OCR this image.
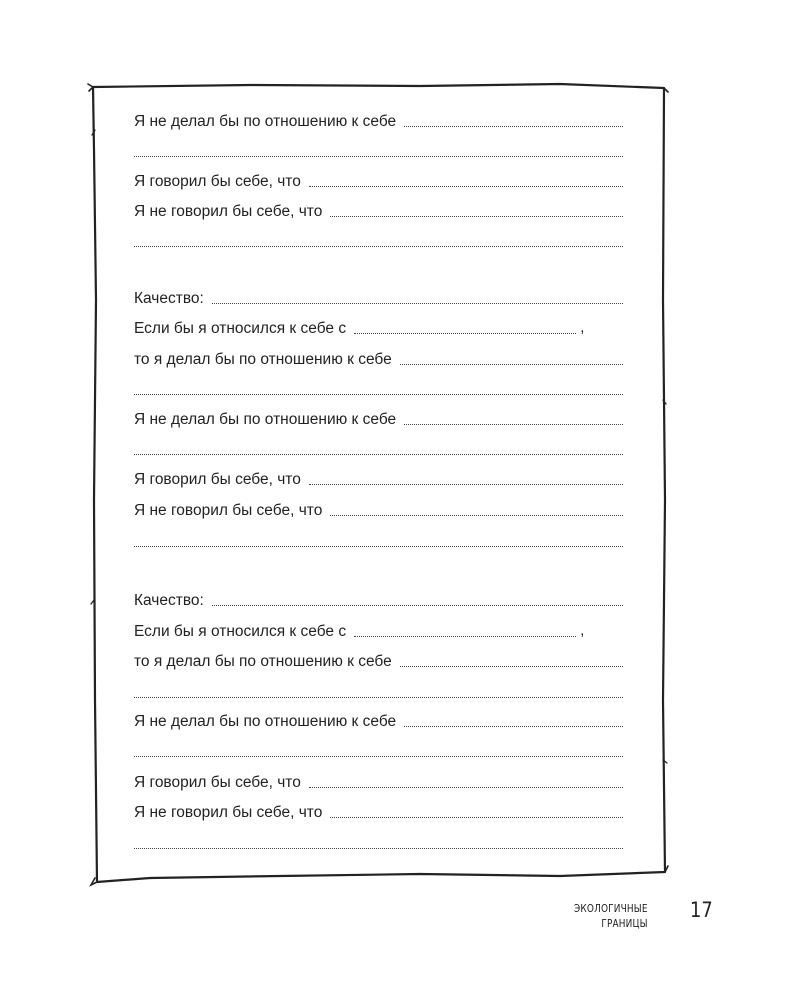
Я не делал бы по отношению к себе
Я говорил бы себе, что
Я не говорил бы себе, что
Качество:
Если бы я относился к себе с	,
то я делал бы по отношению к себе
Я не делал бы по отношению к себе
Я говорил бы себе, что
Я не говорил бы себе, что
Качество:
Если бы я относился к себе с	,
то я делал бы по отношению к себе
Я не делал бы по отношению к себе
Я говорил бы себе, что
Я не говорил бы себе, что
ЭКОЛОГИЧНЫЕ
ГРАНИЦЫ
17
